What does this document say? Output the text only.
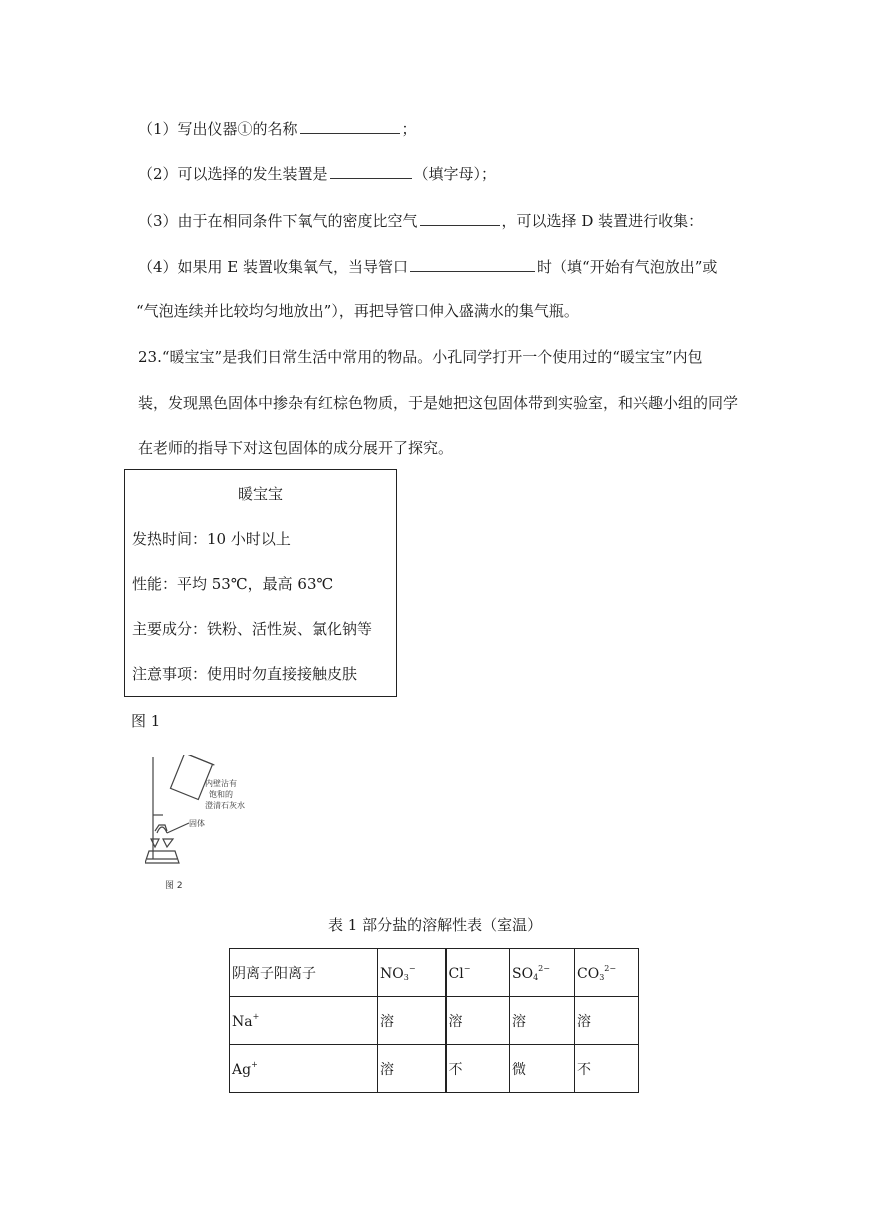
（1）写出仪器①的名称	；
（2）可以选择的发生装置是	（填字母）；
（3）由于在相同条件下氧气的密度比空气	，可以选择 D 装置进行收集：
（4）如果用 E 装置收集氧气，当导管口	时（填“开始有气泡放出”或
“气泡连续并比较均匀地放出”），再把导管口伸入盛满水的集气瓶。
23.“暖宝宝”是我们日常生活中常用的物品。小孔同学打开一个使用过的“暖宝宝”内包
装，发现黑色固体中掺杂有红棕色物质，于是她把这包固体带到实验室，和兴趣小组的同学
在老师的指导下对这包固体的成分展开了探究。
暖宝宝
发热时间：10 小时以上
性能：平均 53℃，最高 63℃
主要成分：铁粉、活性炭、氯化钠等
注意事项：使用时勿直接接触皮肤
图 1
内壁沾有
饱和的
澄清石灰水
固体
图 2
表 1 部分盐的溶解性表（室温）
阴离子阳离子	$NO_3^-$	Cl−	$SO_4^{2-}$	$CO_3^{2-}$
Na+	溶	溶	溶	溶
Ag+	溶	不	微	不
